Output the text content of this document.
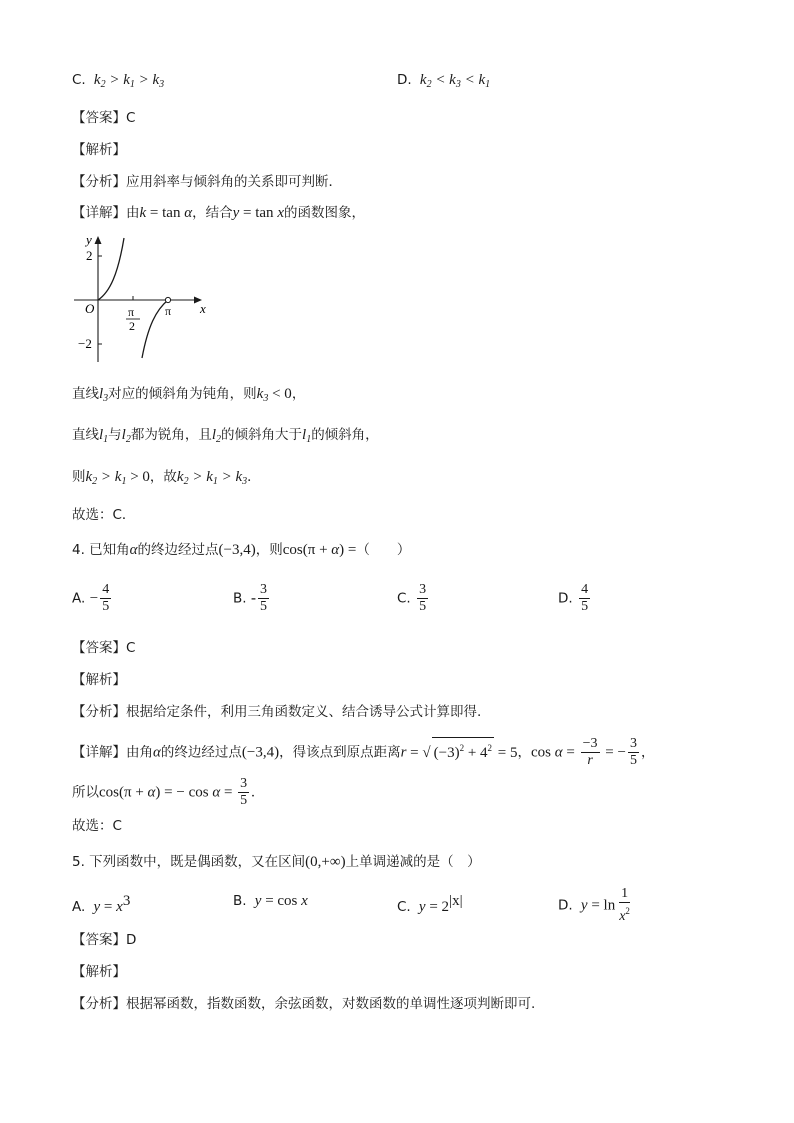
C.  $k_2 > k_1 > k_3$	D.  $k_2 < k_3 < k_1$
【答案】C
【解析】
【分析】应用斜率与倾斜角的关系即可判断．
【详解】由k = tan α，结合y = tan x的函数图象，
y
x
O
2
−2
π
2
π
直线$l_3$对应的倾斜角为钝角，则$k_3 < 0$，
直线$l_1$与$l_2$都为锐角，且$l_2$的倾斜角大于$l_1$的倾斜角，
则$k_2 > k_1 > 0$，故$k_2 > k_1 > k_3$．
故选：C．
4. 已知角α的终边经过点(−3,4)，则cos(π + α) =（　　）
A. − $\frac{4}{5}$	B. - $\frac{3}{5}$	C. $\frac{3}{5}$	D. $\frac{4}{5}$
【答案】C
【解析】
【分析】根据给定条件，利用三角函数定义、结合诱导公式计算即得.
【详解】由角α的终边经过点(−3,4)，得该点到原点距离r = √ $(-3)^2 + 4^2 = 5$，$\cos \alpha = \frac{-3}{r}$ = − $\frac{3}{5}$ ，
所以cos(π + α) = − $\cos \alpha = \frac{3}{5}$ .
故选：C
5. 下列函数中，既是偶函数，又在区间(0,+∞)上单调递减的是（　）
A.  $y = x^3$	B.  y = cos x	C.  $y = 2^{|x|}$	D.  $y = \ln \frac{1}{x^2}$
【答案】D
【解析】
【分析】根据幂函数，指数函数，余弦函数，对数函数的单调性逐项判断即可.
